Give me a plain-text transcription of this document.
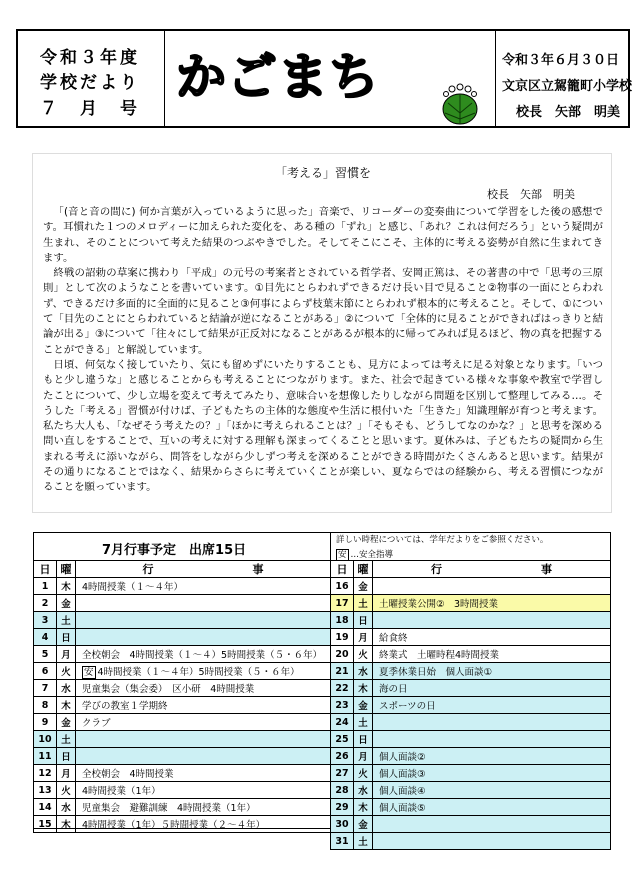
令和３年度
学校だより
７　月　号
かごまち	令和３年６月３０日
文京区立駕籠町小学校
校長　矢部　明美
「考える」習慣を
校長　矢部　明美

「(音と音の間に) 何か言葉が入っているように思った」音楽で、リコーダーの変奏曲について学習をした後の感想です。耳慣れた１つのメロディーに加えられた変化を、ある種の「ずれ」と感じ、「あれ？これは何だろう」という疑問が生まれ、そのことについて考えた結果のつぶやきでした。そしてそこにこそ、主体的に考える姿勢が自然に生まれてきます。

終戦の詔勅の草案に携わり「平成」の元号の考案者とされている哲学者、安岡正篤は、その著書の中で「思考の三原則」として次のようなことを書いています。①目先にとらわれずできるだけ長い目で見ること②物事の一面にとらわれず、できるだけ多面的に全面的に見ること③何事によらず枝葉末節にとらわれず根本的に考えること。そして、①について「目先のことにとらわれていると結論が逆になることがある」②について「全体的に見ることができればはっきりと結論が出る」③について「往々にして結果が正反対になることがあるが根本的に帰ってみれば見るほど、物の真を把握することができる」と解説しています。

日頃、何気なく接していたり、気にも留めずにいたりすることも、見方によっては考えに足る対象となります。「いつもと少し違うな」と感じることからも考えることにつながります。また、社会で起きている様々な事象や教室で学習したことについて、少し立場を変えて考えてみたり、意味合いを想像したりしながら問題を区別して整理してみる…。そうした「考える」習慣が付けば、子どもたちの主体的な態度や生活に根付いた「生きた」知識理解が育つと考えます。私たち大人も、「なぜそう考えたの？」「ほかに考えられることは？」「そもそも、どうしてなのかな？」と思考を深める問い直しをすることで、互いの考えに対する理解も深まってくることと思います。夏休みは、子どもたちの疑問から生まれる考えに添いながら、問答をしながら少しずつ考えを深めることができる時間がたくさんあると思います。結果がその通りになることではなく、結果からさらに考えていくことが楽しい、夏ならではの経験から、考える習慣につながることを願っています。

7月行事予定　出席15日
詳しい時程については、学年だよりをご参照ください。
安 …安全指導
日	曜	行　　　　　　　　　事
1	木	4時間授業（１～４年）
2	金	
3	土	
4	日	
5	月	全校朝会　4時間授業（１～４）5時間授業（５・６年）
6	火	安 4時間授業（１～４年）5時間授業（５・６年）
7	水	児童集会（集会委）　区小研　4時間授業
8	木	学びの教室１学期終
9	金	クラブ
10	土	
11	日	
12	月	全校朝会　4時間授業
13	火	4時間授業（1年）
14	水	児童集会　避難訓練　4時間授業（1年）
15	木	4時間授業（1年）５時間授業（２～４年）
日	曜	行　　　　　　　　　事
16	金	
17	土	土曜授業公開②　3時間授業
18	日	
19	月	給食終
20	火	終業式　土曜時程4時間授業
21	水	夏季休業日始　個人面談①
22	木	海の日
23	金	スポーツの日
24	土	
25	日	
26	月	個人面談②
27	火	個人面談③
28	水	個人面談④
29	木	個人面談⑤
30	金	
31	土	
